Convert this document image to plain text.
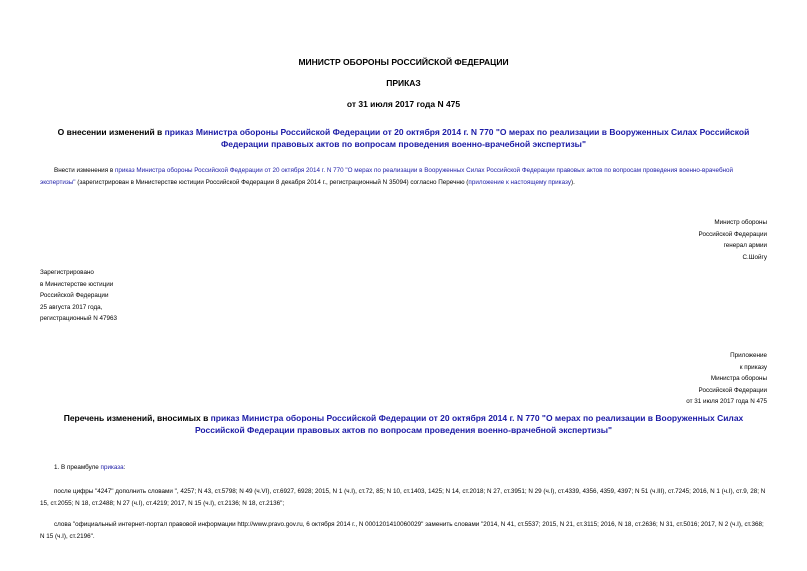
МИНИСТР ОБОРОНЫ РОССИЙСКОЙ ФЕДЕРАЦИИ
ПРИКАЗ
от 31 июля 2017 года N 475
О внесении изменений в приказ Министра обороны Российской Федерации от 20 октября 2014 г. N 770 "О мерах по реализации в Вооруженных Силах Российской Федерации правовых актов по вопросам проведения военно-врачебной экспертизы"
Внести изменения в приказ Министра обороны Российской Федерации от 20 октября 2014 г. N 770 "О мерах по реализации в Вооруженных Силах Российской Федерации правовых актов по вопросам проведения военно-врачебной экспертизы" (зарегистрирован в Министерстве юстиции Российской Федерации 8 декабря 2014 г., регистрационный N 35094) согласно Перечню (приложение к настоящему приказу).
Министр обороны
Российской Федерации
генерал армии
С.Шойгу
Зарегистрировано
в Министерстве юстиции
Российской Федерации
25 августа 2017 года,
регистрационный N 47963
Приложение
к приказу
Министра обороны
Российской Федерации
от 31 июля 2017 года N 475
Перечень изменений, вносимых в приказ Министра обороны Российской Федерации от 20 октября 2014 г. N 770 "О мерах по реализации в Вооруженных Силах Российской Федерации правовых актов по вопросам проведения военно-врачебной экспертизы"
1. В преамбуле приказа:
после цифры "4247" дополнить словами ", 4257; N 43, ст.5798; N 49 (ч.VI), ст.6927, 6928; 2015, N 1 (ч.I), ст.72, 85; N 10, ст.1403, 1425; N 14, ст.2018; N 27, ст.3951; N 29 (ч.I), ст.4339, 4356, 4359, 4397; N 51 (ч.III), ст.7245; 2016, N 1 (ч.I), ст.9, 28; N 15, ст.2055; N 18, ст.2488; N 27 (ч.I), ст.4219; 2017, N 15 (ч.I), ст.2136; N 18, ст.2136";
слова "официальный интернет-портал правовой информации http://www.pravo.gov.ru, 6 октября 2014 г., N 0001201410060029" заменить словами "2014, N 41, ст.5537; 2015, N 21, ст.3115; 2016, N 18, ст.2636; N 31, ст.5016; 2017, N 2 (ч.I), ст.368; N 15 (ч.I), ст.2196".
